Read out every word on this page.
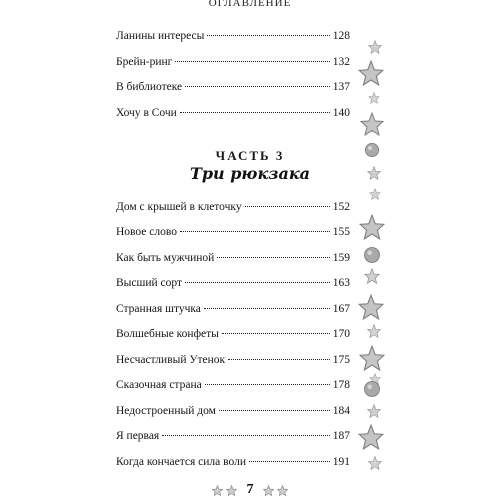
ОГЛАВЛЕНИЕ
Ланины интересы	128
Брейн-ринг	132
В библиотеке	137
Хочу в Сочи	140
ЧАСТЬ 3
Три рюкзака
Дом с крышей в клеточку	152
Новое слово	155
Как быть мужчиной	159
Высший сорт	163
Странная штучка	167
Волшебные конфеты	170
Несчастливый Утенок	175
Сказочная страна	178
Недостроенный дом	184
Я первая	187
Когда кончается сила воли	191
7
